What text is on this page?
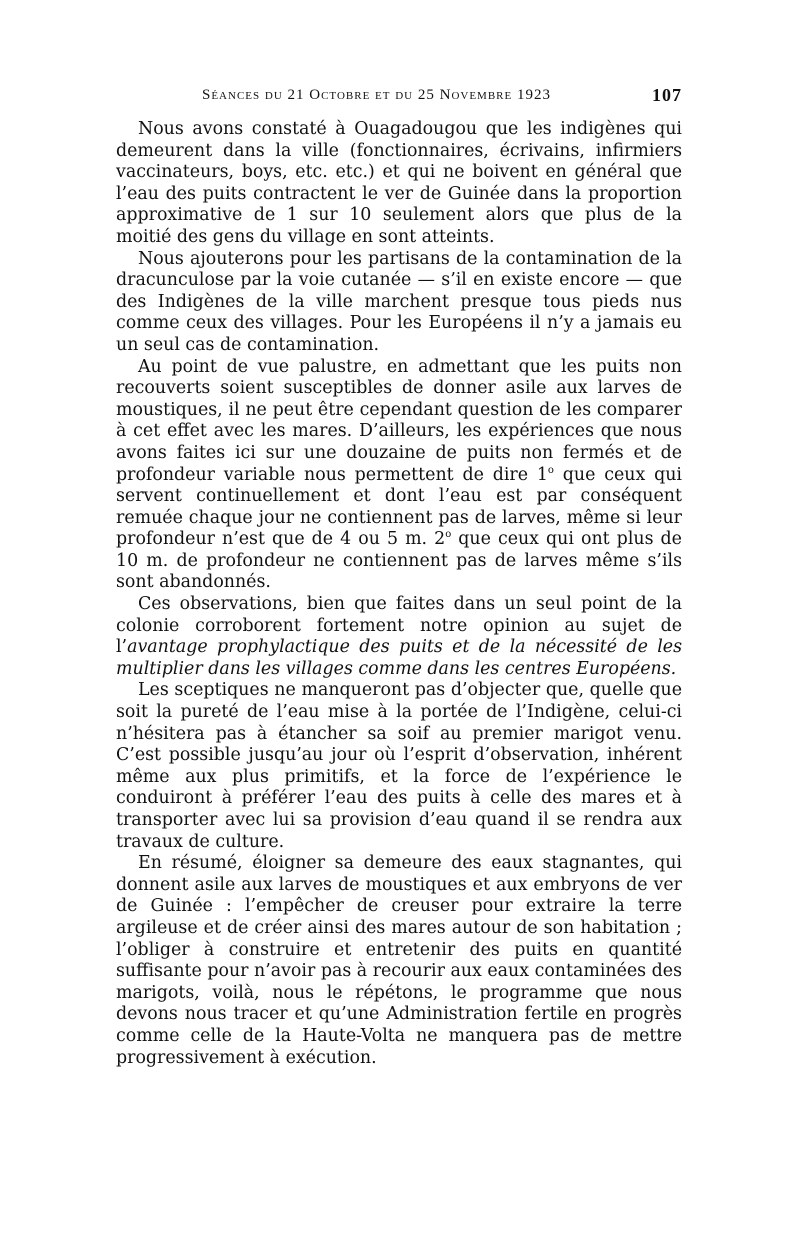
Séances du 21 Octobre et du 25 Novembre 1923	107

Nous avons constaté à Ouagadougou que les indigènes qui demeurent dans la ville (fonctionnaires, écrivains, infirmiers vaccinateurs, boys, etc. etc.) et qui ne boivent en général que l’eau des puits contractent le ver de Guinée dans la proportion approximative de 1 sur 10 seulement alors que plus de la moitié des gens du village en sont atteints.

Nous ajouterons pour les partisans de la contamination de la dracunculose par la voie cutanée — s’il en existe encore — que des Indigènes de la ville marchent presque tous pieds nus comme ceux des villages. Pour les Européens il n’y a jamais eu un seul cas de contamination.

Au point de vue palustre, en admettant que les puits non recouverts soient susceptibles de donner asile aux larves de moustiques, il ne peut être cependant question de les comparer à cet effet avec les mares. D’ailleurs, les expériences que nous avons faites ici sur une douzaine de puits non fermés et de profondeur variable nous permettent de dire 1$^o$ que ceux qui servent continuellement et dont l’eau est par conséquent remuée chaque jour ne contiennent pas de larves, même si leur profondeur n’est que de 4 ou 5 m. 2$^o$ que ceux qui ont plus de 10 m. de profondeur ne contiennent pas de larves même s’ils sont abandonnés.

Ces observations, bien que faites dans un seul point de la colonie corroborent fortement notre opinion au sujet de l’avantage prophylactique des puits et de la nécessité de les multiplier dans les villages comme dans les centres Européens.

Les sceptiques ne manqueront pas d’objecter que, quelle que soit la pureté de l’eau mise à la portée de l’Indigène, celui-ci n’hésitera pas à étancher sa soif au premier marigot venu. C’est possible jusqu’au jour où l’esprit d’observation, inhérent même aux plus primitifs, et la force de l’expérience le conduiront à préférer l’eau des puits à celle des mares et à transporter avec lui sa provision d’eau quand il se rendra aux travaux de culture.

En résumé, éloigner sa demeure des eaux stagnantes, qui donnent asile aux larves de moustiques et aux embryons de ver de Guinée : l’empêcher de creuser pour extraire la terre argileuse et de créer ainsi des mares autour de son habitation ; l’obliger à construire et entretenir des puits en quantité suffisante pour n’avoir pas à recourir aux eaux contaminées des marigots, voilà, nous le répétons, le programme que nous devons nous tracer et qu’une Administration fertile en progrès comme celle de la Haute-Volta ne manquera pas de mettre progressivement à exécution.
